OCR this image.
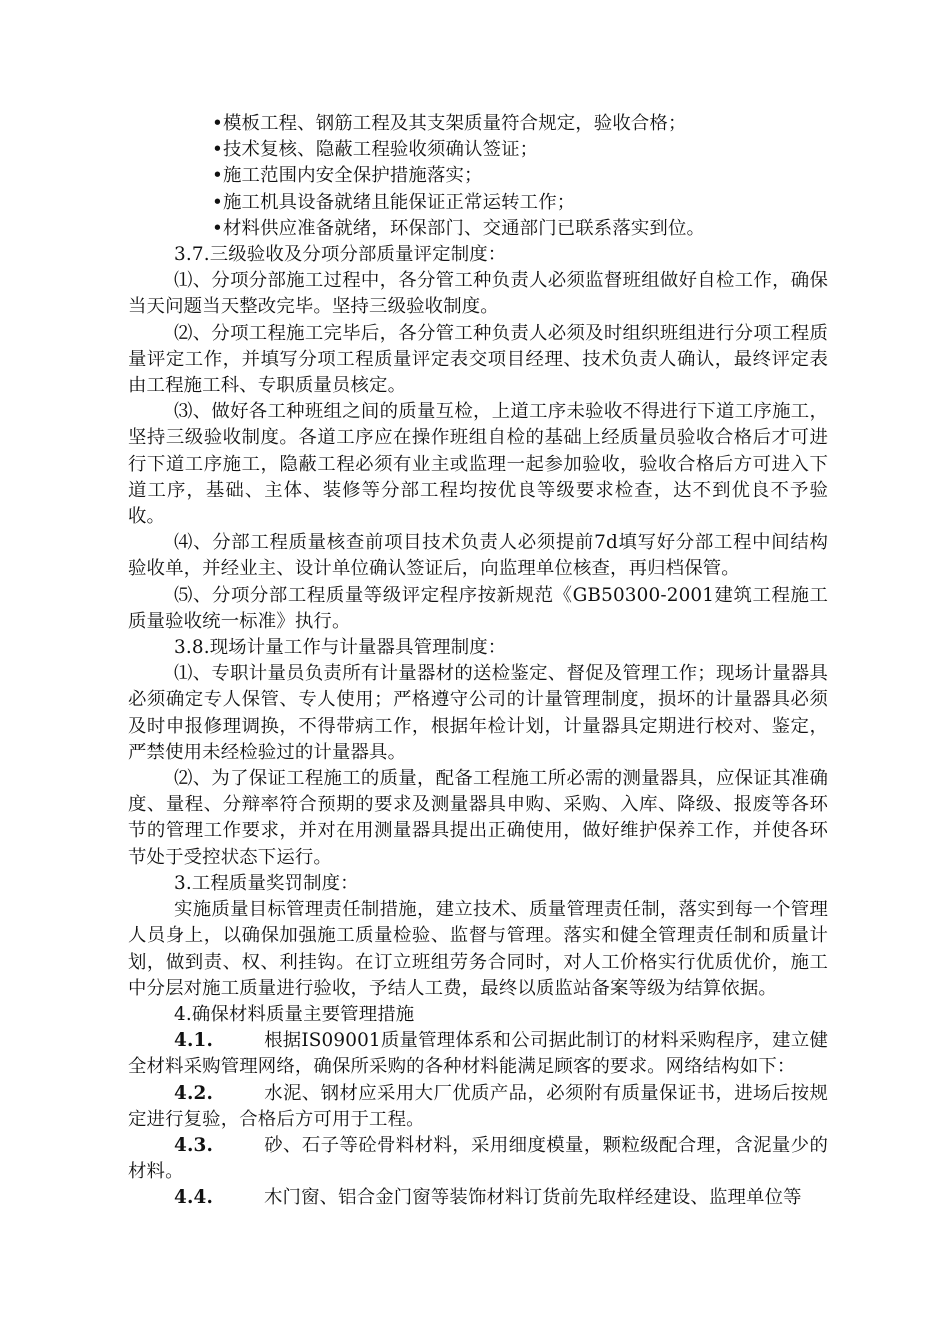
•模板工程、钢筋工程及其支架质量符合规定，验收合格；

•技术复核、隐蔽工程验收须确认签证；

•施工范围内安全保护措施落实；

•施工机具设备就绪且能保证正常运转工作；

•材料供应准备就绪，环保部门、交通部门已联系落实到位。

3.7.三级验收及分项分部质量评定制度：

⑴、分项分部施工过程中，各分管工种负责人必须监督班组做好自检工作，确保当天问题当天整改完毕。坚持三级验收制度。

⑵、分项工程施工完毕后，各分管工种负责人必须及时组织班组进行分项工程质量评定工作，并填写分项工程质量评定表交项目经理、技术负责人确认，最终评定表由工程施工科、专职质量员核定。

⑶、做好各工种班组之间的质量互检，上道工序未验收不得进行下道工序施工，坚持三级验收制度。各道工序应在操作班组自检的基础上经质量员验收合格后才可进行下道工序施工，隐蔽工程必须有业主或监理一起参加验收，验收合格后方可进入下道工序，基础、主体、装修等分部工程均按优良等级要求检查，达不到优良不予验收。

⑷、分部工程质量核查前项目技术负责人必须提前7d填写好分部工程中间结构验收单，并经业主、设计单位确认签证后，向监理单位核查，再归档保管。

⑸、分项分部工程质量等级评定程序按新规范《GB50300-2001建筑工程施工质量验收统一标准》执行。

3.8.现场计量工作与计量器具管理制度：

⑴、专职计量员负责所有计量器材的送检鉴定、督促及管理工作；现场计量器具必须确定专人保管、专人使用；严格遵守公司的计量管理制度，损坏的计量器具必须及时申报修理调换，不得带病工作，根据年检计划，计量器具定期进行校对、鉴定，严禁使用未经检验过的计量器具。

⑵、为了保证工程施工的质量，配备工程施工所必需的测量器具，应保证其准确度、量程、分辩率符合预期的要求及测量器具申购、采购、入库、降级、报废等各环节的管理工作要求，并对在用测量器具提出正确使用，做好维护保养工作，并使各环节处于受控状态下运行。

3.工程质量奖罚制度：

实施质量目标管理责任制措施，建立技术、质量管理责任制，落实到每一个管理人员身上，以确保加强施工质量检验、监督与管理。落实和健全管理责任制和质量计划，做到责、权、利挂钩。在订立班组劳务合同时，对人工价格实行优质优价，施工中分层对施工质量进行验收，予结人工费，最终以质监站备案等级为结算依据。

4.确保材料质量主要管理措施

4.1.	根据IS09001质量管理体系和公司据此制订的材料采购程序，建立健全材料采购管理网络，确保所采购的各种材料能满足顾客的要求。网络结构如下：

4.2.	水泥、钢材应采用大厂优质产品，必须附有质量保证书，进场后按规定进行复验，合格后方可用于工程。

4.3.	砂、石子等砼骨料材料，采用细度模量，颗粒级配合理，含泥量少的材料。

4.4.	木门窗、铝合金门窗等装饰材料订货前先取样经建设、监理单位等
